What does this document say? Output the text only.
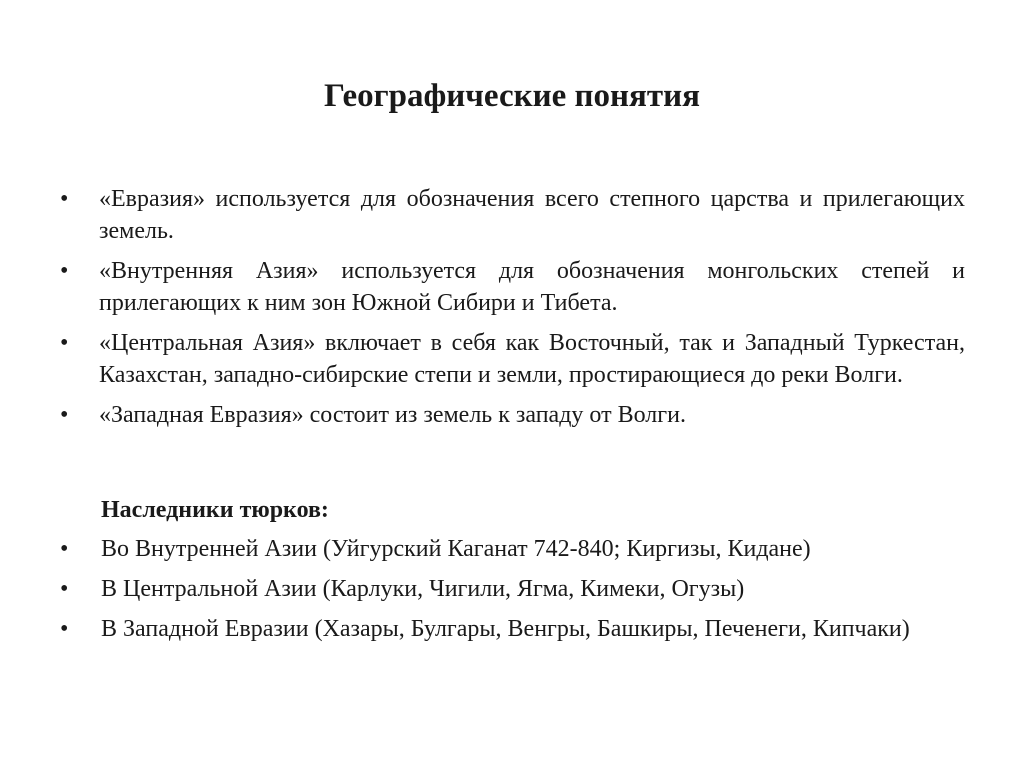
Географические понятия
•	«Евразия» используется для обозначения всего степного царства и прилегающих земель.
•	«Внутренняя Азия» используется для обозначения монгольских степей и прилегающих к ним зон Южной Сибири и Тибета.
•	«Центральная Азия» включает в себя как Восточный, так и Западный Туркестан, Казахстан, западно-сибирские степи и земли, простирающиеся до реки Волги.
•	«Западная Евразия» состоит из земель к западу от Волги.

Наследники тюрков:

• Во Внутренней Азии (Уйгурский Каганат 742-840; Киргизы, Кидане)
• В Центральной Азии (Карлуки, Чигили, Ягма, Кимеки, Огузы)
• В Западной Евразии (Хазары, Булгары, Венгры, Башкиры, Печенеги, Кипчаки)
